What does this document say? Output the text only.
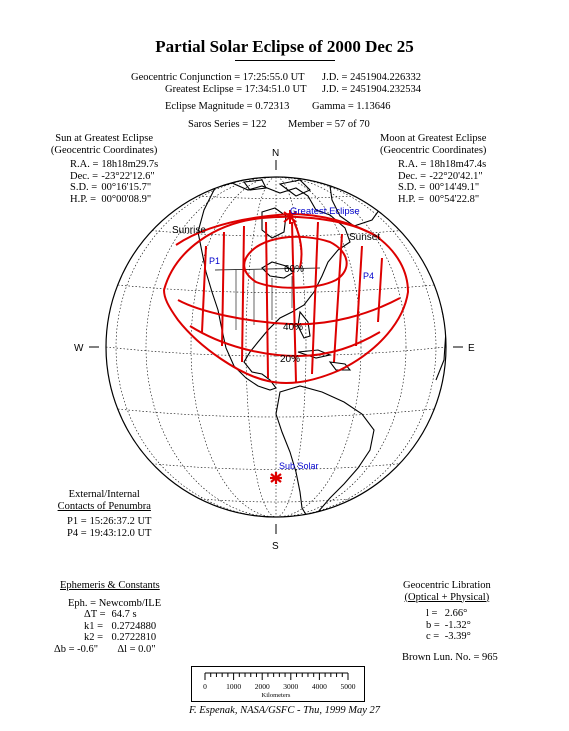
Partial Solar Eclipse of 2000 Dec 25
Geocentric Conjunction = 17:25:55.0 UT J.D. = 2451904.226332
Greatest Eclipse = 17:34:51.0 UT J.D. = 2451904.232534
Eclipse Magnitude = 0.72313 Gamma = 1.13646
Saros Series = 122 Member = 57 of 70
Sun at Greatest Eclipse
(Geocentric Coordinates)
R.A. =	18h18m29.7s
Dec. =	-23°22'12.6"
S.D. =	00°16'15.7"
H.P. =	00°00'08.9"
Moon at Greatest Eclipse
(Geocentric Coordinates)
R.A. =	18h18m47.4s
Dec. =	-22°20'42.1"
S.D. =	00°14'49.1"
H.P. =	00°54'22.8"
N
S
W	E
Greatest Eclipse
Sunrise
Sunset
P1
P4
60%
40%
20%
Sub Solar
External/Internal
Contacts of Penumbra
P1 =	15:26:37.2 UT
P4 =	19:43:12.0 UT
Ephemeris & Constants
Eph. = Newcomb/ILE
ΔT =	64.7 s
k1 =	0.2724880
k2 =	0.2722810
Δb = -0.6" Δl = 0.0"
Geocentric Libration
(Optical + Physical)
l =	2.66°
b =	-1.32°
c =	-3.39°
Brown Lun. No. = 965
0	1000 2000 3000 4000 5000
Kilometers
F. Espenak, NASA/GSFC - Thu, 1999 May 27
